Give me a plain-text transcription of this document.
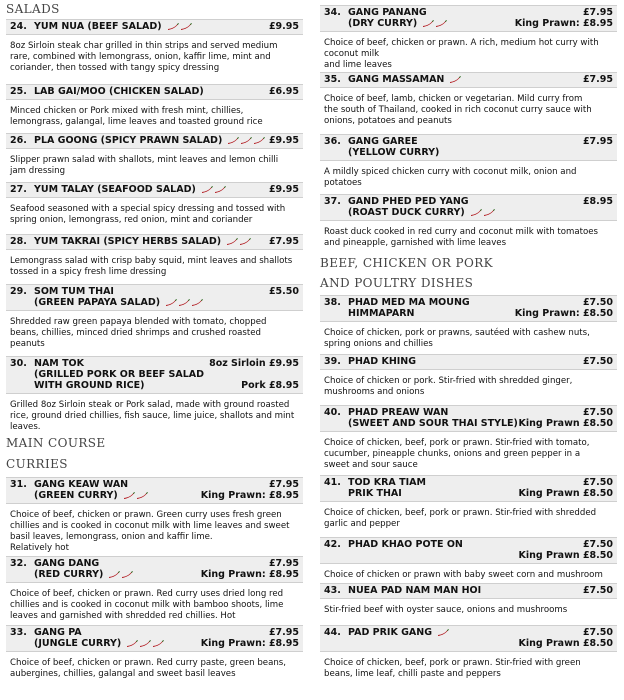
SALADS
MAIN COURSE
CURRIES
24. YUM NUA (BEEF SALAD)	£9.95
8oz Sirloin steak char grilled in thin strips and served medium
rare, combined with lemongrass, onion, kaffir lime, mint and
coriander, then tossed with tangy spicy dressing
25. LAB GAI/MOO (CHICKEN SALAD)	£6.95
Minced chicken or Pork mixed with fresh mint, chillies,
lemongrass, galangal, lime leaves and toasted ground rice
26. PLA GOONG (SPICY PRAWN SALAD)	£9.95
Slipper prawn salad with shallots, mint leaves and lemon chilli
jam dressing
27. YUM TALAY (SEAFOOD SALAD)	£9.95
Seafood seasoned with a special spicy dressing and tossed with
spring onion, lemongrass, red onion, mint and coriander
28. YUM TAKRAI (SPICY HERBS SALAD)	£7.95
Lemongrass salad with crisp baby squid, mint leaves and shallots
tossed in a spicy fresh lime dressing
29. SOM TUM THAI	£5.50
(GREEN PAPAYA SALAD)
Shredded raw green papaya blended with tomato, chopped
beans, chillies, minced dried shrimps and crushed roasted
peanuts
30. NAM TOK	8oz Sirloin £9.95
(GRILLED PORK OR BEEF SALAD
WITH GROUND RICE)	Pork £8.95
Grilled 8oz Sirloin steak or Pork salad, made with ground roasted
rice, ground dried chillies, fish sauce, lime juice, shallots and mint
leaves.
31. GANG KEAW WAN	£7.95
(GREEN CURRY)	King Prawn: £8.95
Choice of beef, chicken or prawn. Green curry uses fresh green
chillies and is cooked in coconut milk with lime leaves and sweet
basil leaves, lemongrass, onion and kaffir lime.
Relatively hot
32. GANG DANG	£7.95
(RED CURRY)	King Prawn: £8.95
Choice of beef, chicken or prawn. Red curry uses dried long red
chillies and is cooked in coconut milk with bamboo shoots, lime
leaves and garnished with shredded red chillies. Hot
33. GANG PA	£7.95
(JUNGLE CURRY)	King Prawn: £8.95
Choice of beef, chicken or prawn. Red curry paste, green beans,
aubergines, chillies, galangal and sweet basil leaves
BEEF, CHICKEN OR PORK
AND POULTRY DISHES
34. GANG PANANG	£7.95
(DRY CURRY)	King Prawn: £8.95
Choice of beef, chicken or prawn. A rich, medium hot curry with
coconut milk
and lime leaves
35. GANG MASSAMAN	£7.95
Choice of beef, lamb, chicken or vegetarian. Mild curry from
the south of Thailand, cooked in rich coconut curry sauce with
onions, potatoes and peanuts
36. GANG GAREE	£7.95
(YELLOW CURRY)
A mildly spiced chicken curry with coconut milk, onion and
potatoes
37. GAND PHED PED YANG	£8.95
(ROAST DUCK CURRY)
Roast duck cooked in red curry and coconut milk with tomatoes
and pineapple, garnished with lime leaves
38. PHAD MED MA MOUNG	£7.50
HIMMAPARN	King Prawn: £8.50
Choice of chicken, pork or prawns, sautéed with cashew nuts,
spring onions and chillies
39. PHAD KHING	£7.50
Choice of chicken or pork. Stir-fried with shredded ginger,
mushrooms and onions
40. PHAD PREAW WAN	£7.50
(SWEET AND SOUR THAI STYLE) King Prawn £8.50
Choice of chicken, beef, pork or prawn. Stir-fried with tomato,
cucumber, pineapple chunks, onions and green pepper in a
sweet and sour sauce
41. TOD KRA TIAM	£7.50
PRIK THAI	King Prawn £8.50
Choice of chicken, beef, pork or prawn. Stir-fried with shredded
garlic and pepper
42. PHAD KHAO POTE ON	£7.50
King Prawn £8.50
Choice of chicken or prawn with baby sweet corn and mushroom
43. NUEA PAD NAM MAN HOI	£7.50
Stir-fried beef with oyster sauce, onions and mushrooms
44. PAD PRIK GANG	£7.50
King Prawn £8.50
Choice of chicken, beef, pork or prawn. Stir-fried with green
beans, lime leaf, chilli paste and peppers
